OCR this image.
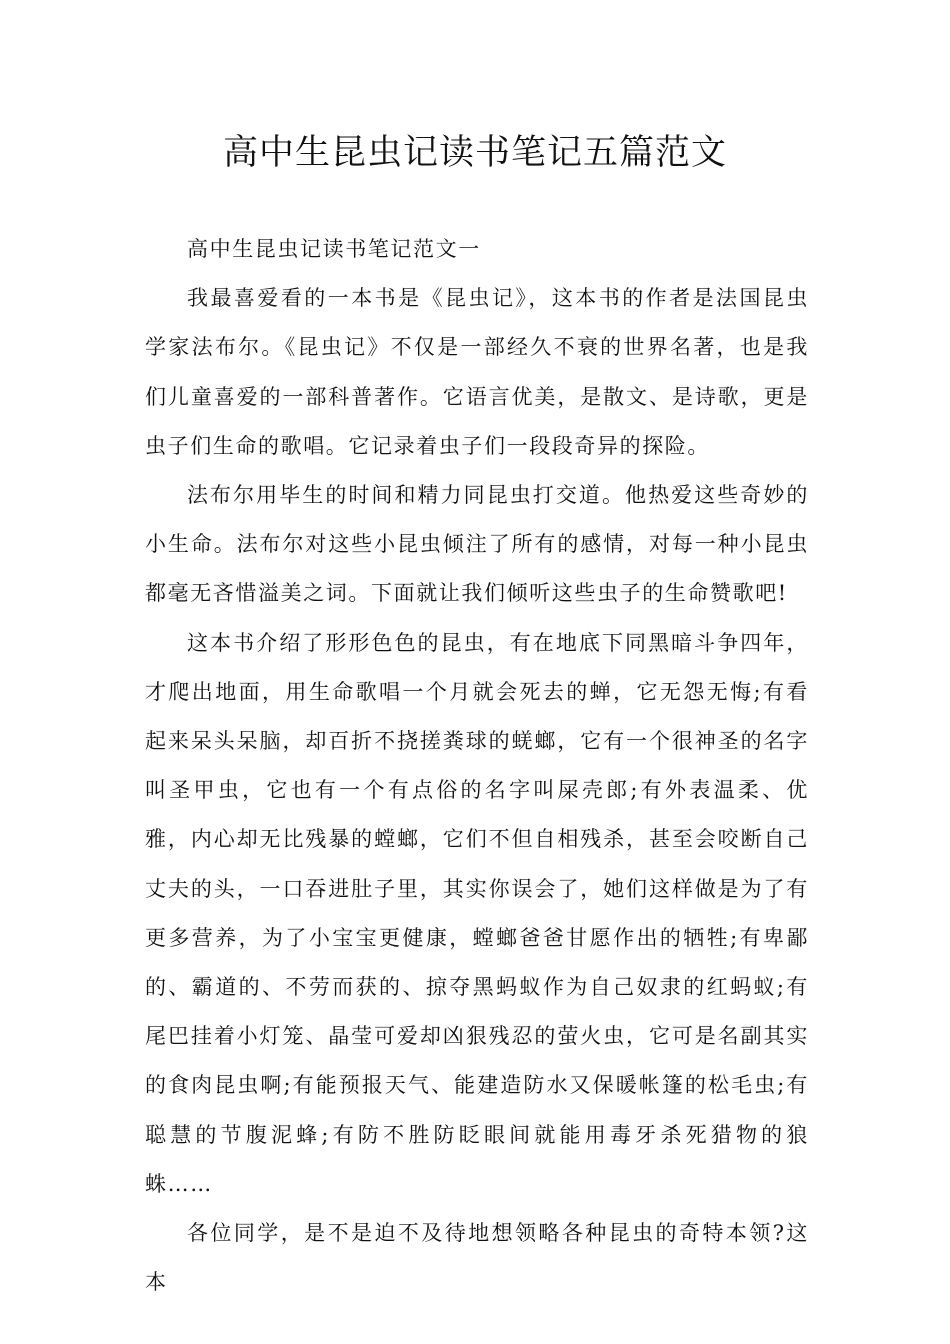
高中生昆虫记读书笔记五篇范文

高中生昆虫记读书笔记范文一

我最喜爱看的一本书是《昆虫记》，这本书的作者是法国昆虫学家法布尔。《昆虫记》不仅是一部经久不衰的世界名著，也是我们儿童喜爱的一部科普著作。它语言优美，是散文、是诗歌，更是虫子们生命的歌唱。它记录着虫子们一段段奇异的探险。

法布尔用毕生的时间和精力同昆虫打交道。他热爱这些奇妙的小生命。法布尔对这些小昆虫倾注了所有的感情，对每一种小昆虫都毫无吝惜溢美之词。下面就让我们倾听这些虫子的生命赞歌吧!

这本书介绍了形形色色的昆虫，有在地底下同黑暗斗争四年，才爬出地面，用生命歌唱一个月就会死去的蝉，它无怨无悔;有看起来呆头呆脑，却百折不挠搓粪球的蜣螂，它有一个很神圣的名字叫圣甲虫，它也有一个有点俗的名字叫屎壳郎;有外表温柔、优雅，内心却无比残暴的螳螂，它们不但自相残杀，甚至会咬断自己丈夫的头，一口吞进肚子里，其实你误会了，她们这样做是为了有更多营养，为了小宝宝更健康，螳螂爸爸甘愿作出的牺牲;有卑鄙的、霸道的、不劳而获的、掠夺黑蚂蚁作为自己奴隶的红蚂蚁;有尾巴挂着小灯笼、晶莹可爱却凶狠残忍的萤火虫，它可是名副其实的食肉昆虫啊;有能预报天气、能建造防水又保暖帐篷的松毛虫;有聪慧的节腹泥蜂;有防不胜防眨眼间就能用毒牙杀死猎物的狼蛛……

各位同学，是不是迫不及待地想领略各种昆虫的奇特本领?这本
